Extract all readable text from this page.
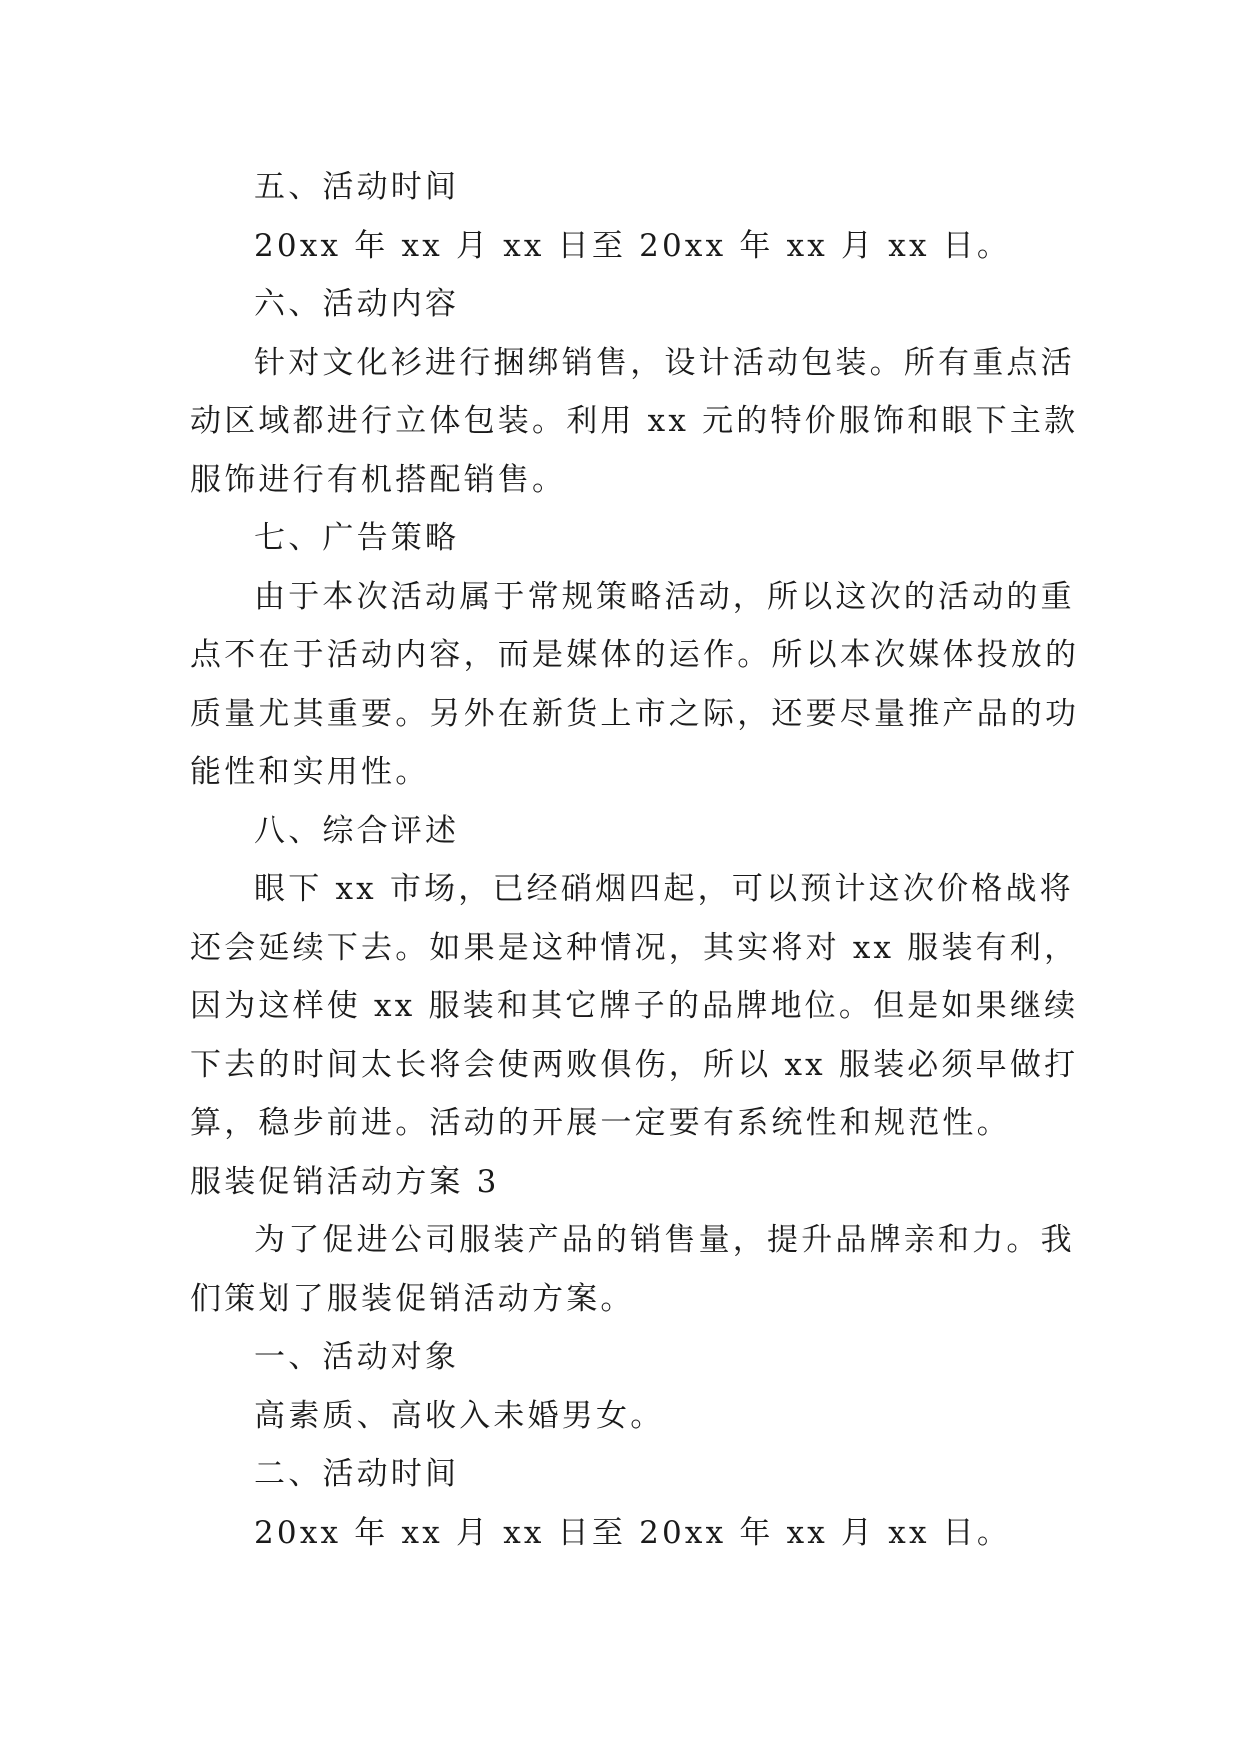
五、活动时间
20xx 年 xx 月 xx 日至 20xx 年 xx 月 xx 日。
六、活动内容
针对文化衫进行捆绑销售，设计活动包装。所有重点活
动区域都进行立体包装。利用 xx 元的特价服饰和眼下主款
服饰进行有机搭配销售。
七、广告策略
由于本次活动属于常规策略活动，所以这次的活动的重
点不在于活动内容，而是媒体的运作。所以本次媒体投放的
质量尤其重要。另外在新货上市之际，还要尽量推产品的功
能性和实用性。
八、综合评述
眼下 xx 市场，已经硝烟四起，可以预计这次价格战将
还会延续下去。如果是这种情况，其实将对 xx 服装有利，
因为这样使 xx 服装和其它牌子的品牌地位。但是如果继续
下去的时间太长将会使两败俱伤，所以 xx 服装必须早做打
算，稳步前进。活动的开展一定要有系统性和规范性。
服装促销活动方案 3
为了促进公司服装产品的销售量，提升品牌亲和力。我
们策划了服装促销活动方案。
一、活动对象
高素质、高收入未婚男女。
二、活动时间
20xx 年 xx 月 xx 日至 20xx 年 xx 月 xx 日。
